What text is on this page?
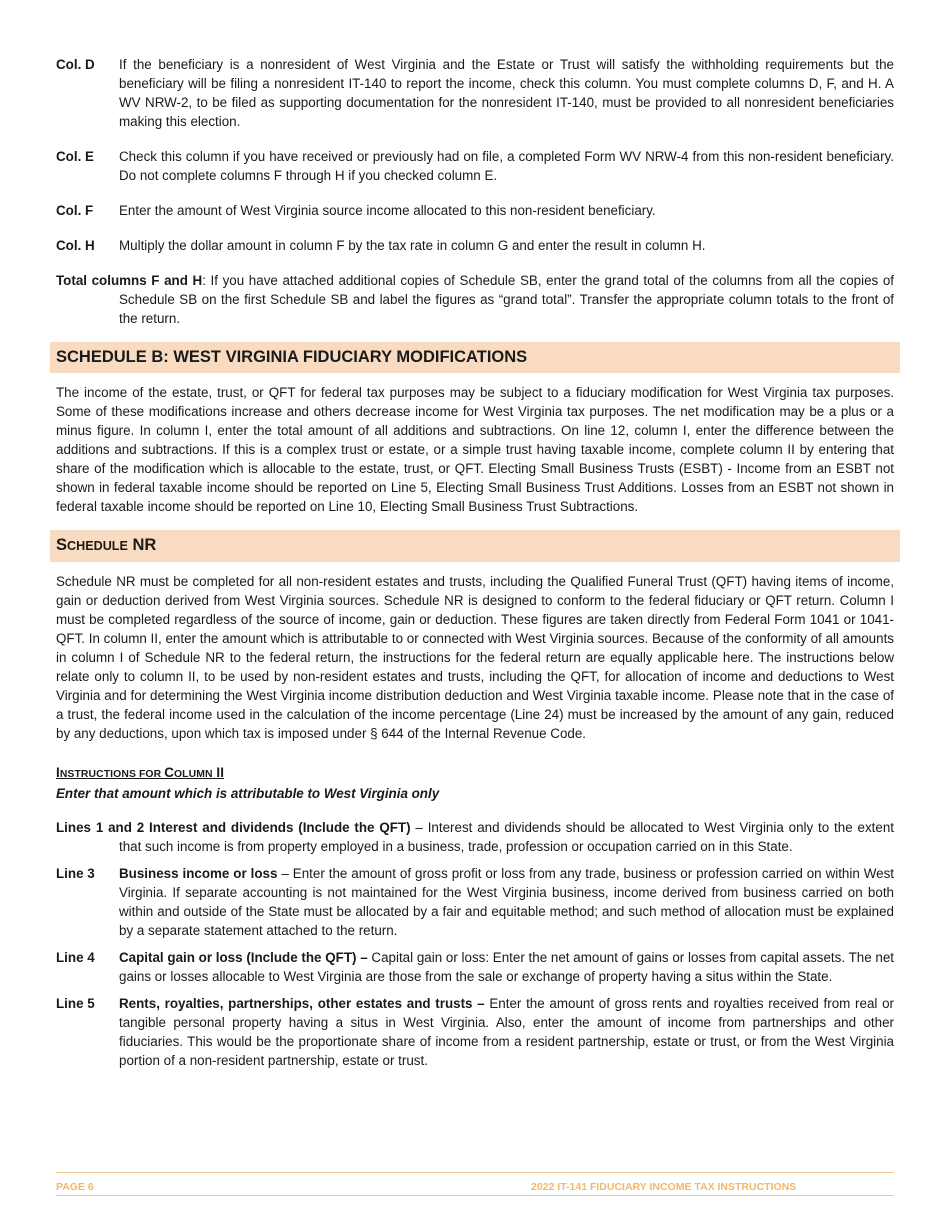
Col. D	If the beneficiary is a nonresident of West Virginia and the Estate or Trust will satisfy the withholding requirements but the beneficiary will be filing a nonresident IT-140 to report the income, check this column. You must complete columns D, F, and H. A WV NRW-2, to be filed as supporting documentation for the nonresident IT-140, must be provided to all nonresident beneficiaries making this election.
Col. E	Check this column if you have received or previously had on file, a completed Form WV NRW-4 from this non-resident beneficiary. Do not complete columns F through H if you checked column E.
Col. F	Enter the amount of West Virginia source income allocated to this non-resident beneficiary.
Col. H	Multiply the dollar amount in column F by the tax rate in column G and enter the result in column H.
Total columns F and H: If you have attached additional copies of Schedule SB, enter the grand total of the columns from all the copies of Schedule SB on the first Schedule SB and label the figures as “grand total”. Transfer the appropriate column totals to the front of the return.
SCHEDULE B: WEST VIRGINIA FIDUCIARY MODIFICATIONS
The income of the estate, trust, or QFT for federal tax purposes may be subject to a fiduciary modification for West Virginia tax purposes. Some of these modifications increase and others decrease income for West Virginia tax purposes. The net modification may be a plus or a minus figure. In column I, enter the total amount of all additions and subtractions. On line 12, column I, enter the difference between the additions and subtractions. If this is a complex trust or estate, or a simple trust having taxable income, complete column II by entering that share of the modification which is allocable to the estate, trust, or QFT. Electing Small Business Trusts (ESBT) - Income from an ESBT not shown in federal taxable income should be reported on Line 5, Electing Small Business Trust Additions. Losses from an ESBT not shown in federal taxable income should be reported on Line 10, Electing Small Business Trust Subtractions.
SCHEDULE NR
Schedule NR must be completed for all non-resident estates and trusts, including the Qualified Funeral Trust (QFT) having items of income, gain or deduction derived from West Virginia sources. Schedule NR is designed to conform to the federal fiduciary or QFT return. Column I must be completed regardless of the source of income, gain or deduction. These figures are taken directly from Federal Form 1041 or 1041-QFT. In column II, enter the amount which is attributable to or connected with West Virginia sources. Because of the conformity of all amounts in column I of Schedule NR to the federal return, the instructions for the federal return are equally applicable here. The instructions below relate only to column II, to be used by non-resident estates and trusts, including the QFT, for allocation of income and deductions to West Virginia and for determining the West Virginia income distribution deduction and West Virginia taxable income. Please note that in the case of a trust, the federal income used in the calculation of the income percentage (Line 24) must be increased by the amount of any gain, reduced by any deductions, upon which tax is imposed under § 644 of the Internal Revenue Code.
INSTRUCTIONS FOR COLUMN II
Enter that amount which is attributable to West Virginia only
Lines 1 and 2 Interest and dividends (Include the QFT) – Interest and dividends should be allocated to West Virginia only to the extent that such income is from property employed in a business, trade, profession or occupation carried on in this State.
Line 3	Business income or loss – Enter the amount of gross profit or loss from any trade, business or profession carried on within West Virginia. If separate accounting is not maintained for the West Virginia business, income derived from business carried on both within and outside of the State must be allocated by a fair and equitable method; and such method of allocation must be explained by a separate statement attached to the return.
Line 4	Capital gain or loss (Include the QFT) – Capital gain or loss: Enter the net amount of gains or losses from capital assets. The net gains or losses allocable to West Virginia are those from the sale or exchange of property having a situs within the State.
Line 5	Rents, royalties, partnerships, other estates and trusts – Enter the amount of gross rents and royalties received from real or tangible personal property having a situs in West Virginia. Also, enter the amount of income from partnerships and other fiduciaries. This would be the proportionate share of income from a resident partnership, estate or trust, or from the West Virginia portion of a non-resident partnership, estate or trust.
PAGE 6	2022 IT-141 FIDUCIARY INCOME TAX INSTRUCTIONS
